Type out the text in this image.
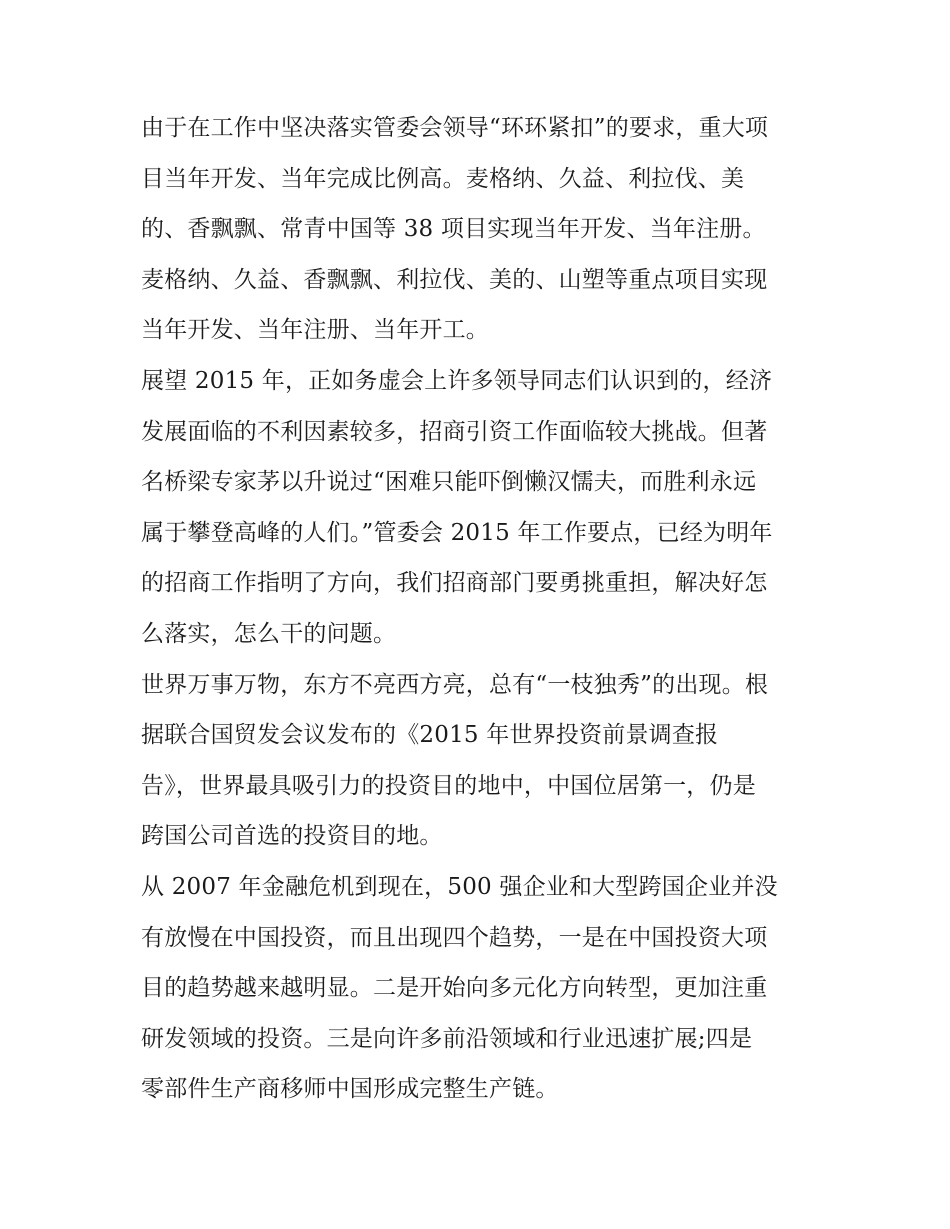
由于在工作中坚决落实管委会领导“环环紧扣”的要求，重大项
目当年开发、当年完成比例高。麦格纳、久益、利拉伐、美
的、香飘飘、常青中国等 38 项目实现当年开发、当年注册。
麦格纳、久益、香飘飘、利拉伐、美的、山塑等重点项目实现
当年开发、当年注册、当年开工。
展望 2015 年，正如务虚会上许多领导同志们认识到的，经济
发展面临的不利因素较多，招商引资工作面临较大挑战。但著
名桥梁专家茅以升说过“困难只能吓倒懒汉懦夫，而胜利永远
属于攀登高峰的人们。”管委会 2015 年工作要点，已经为明年
的招商工作指明了方向，我们招商部门要勇挑重担，解决好怎
么落实，怎么干的问题。
世界万事万物，东方不亮西方亮，总有“一枝独秀”的出现。根
据联合国贸发会议发布的《2015 年世界投资前景调查报
告》，世界最具吸引力的投资目的地中，中国位居第一，仍是
跨国公司首选的投资目的地。
从 2007 年金融危机到现在，500 强企业和大型跨国企业并没
有放慢在中国投资，而且出现四个趋势，一是在中国投资大项
目的趋势越来越明显。二是开始向多元化方向转型，更加注重
研发领域的投资。三是向许多前沿领域和行业迅速扩展;四是
零部件生产商移师中国形成完整生产链。
